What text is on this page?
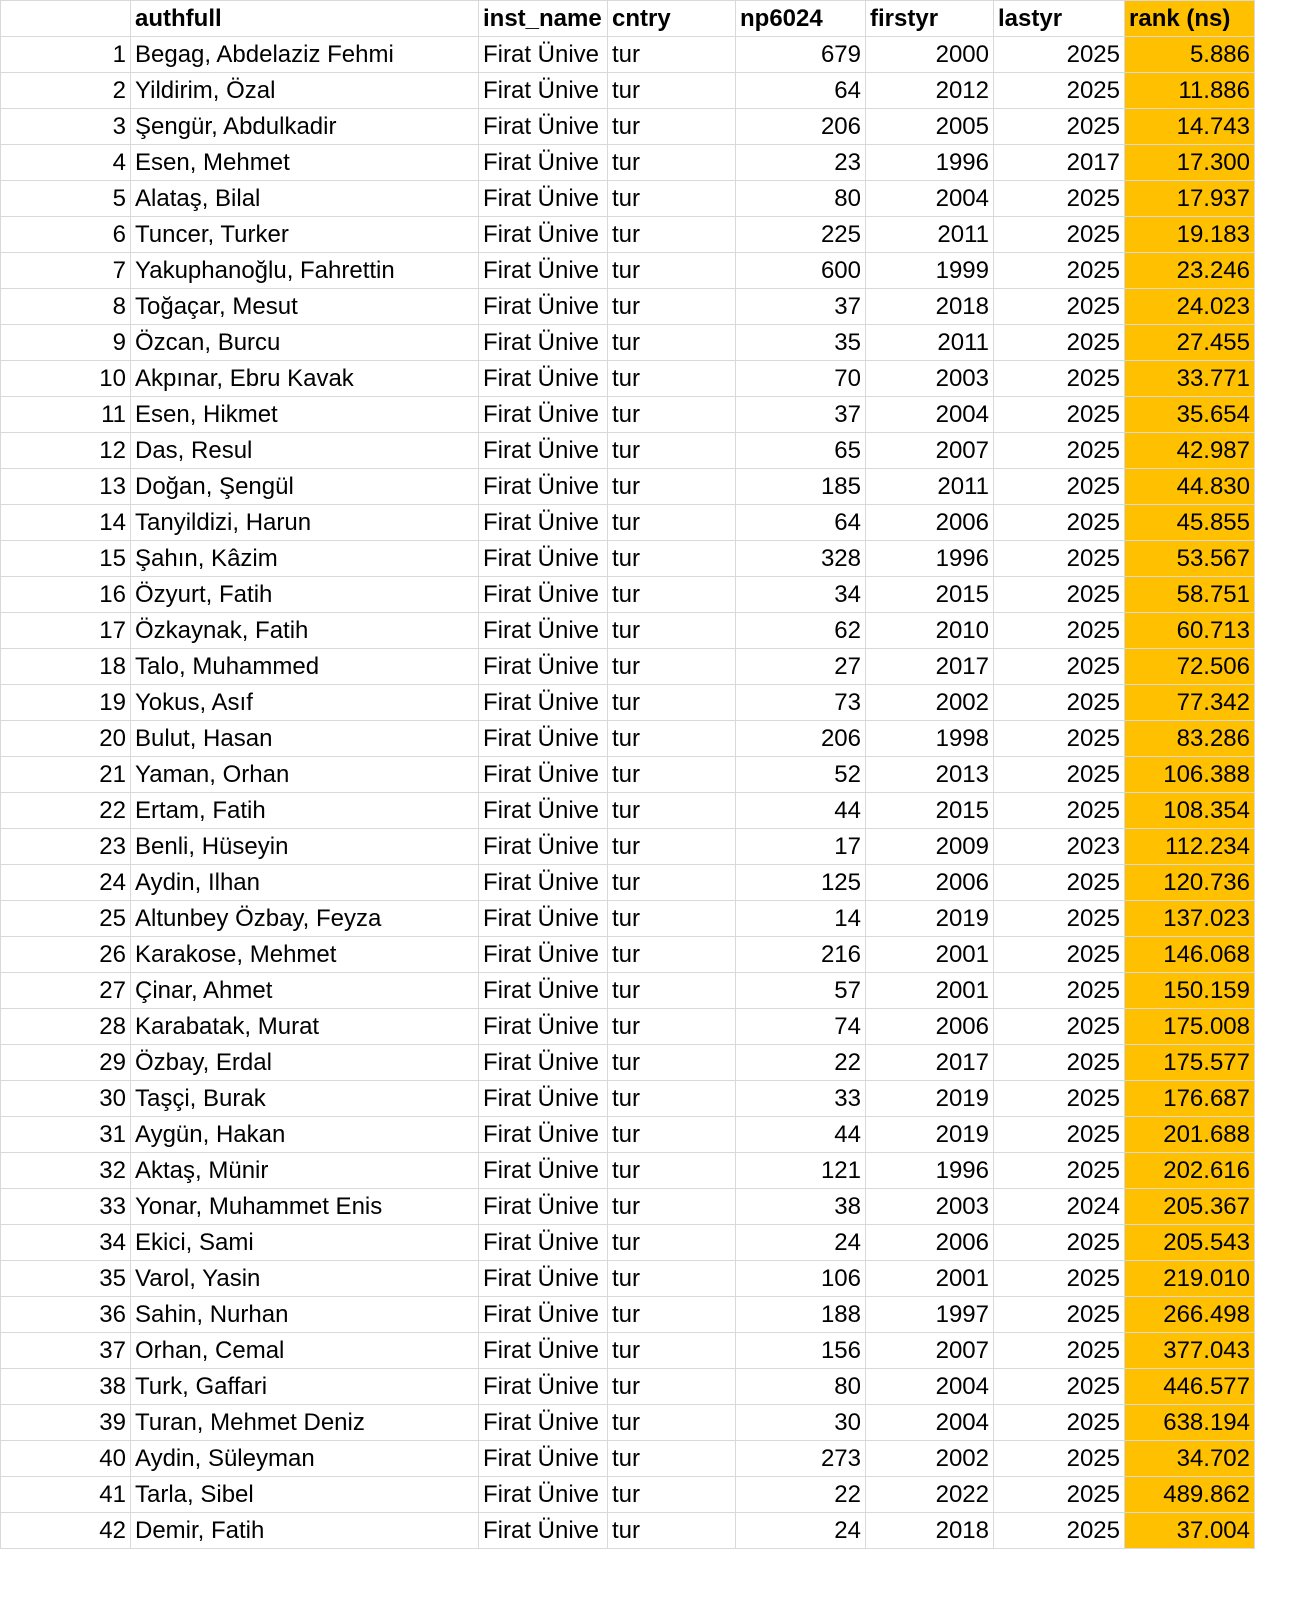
	authfull	inst_name	cntry	np6024	firstyr	lastyr	rank (ns)
1	Begag, Abdelaziz Fehmi	Firat Ünive	tur	679	2000	2025	5.886
2	Yildirim, Özal	Firat Ünive	tur	64	2012	2025	11.886
3	Şengür, Abdulkadir	Firat Ünive	tur	206	2005	2025	14.743
4	Esen, Mehmet	Firat Ünive	tur	23	1996	2017	17.300
5	Alataş, Bilal	Firat Ünive	tur	80	2004	2025	17.937
6	Tuncer, Turker	Firat Ünive	tur	225	2011	2025	19.183
7	Yakuphanoğlu, Fahrettin	Firat Ünive	tur	600	1999	2025	23.246
8	Toğaçar, Mesut	Firat Ünive	tur	37	2018	2025	24.023
9	Özcan, Burcu	Firat Ünive	tur	35	2011	2025	27.455
10	Akpınar, Ebru Kavak	Firat Ünive	tur	70	2003	2025	33.771
11	Esen, Hikmet	Firat Ünive	tur	37	2004	2025	35.654
12	Das, Resul	Firat Ünive	tur	65	2007	2025	42.987
13	Doğan, Şengül	Firat Ünive	tur	185	2011	2025	44.830
14	Tanyildizi, Harun	Firat Ünive	tur	64	2006	2025	45.855
15	Şahın, Kâzim	Firat Ünive	tur	328	1996	2025	53.567
16	Özyurt, Fatih	Firat Ünive	tur	34	2015	2025	58.751
17	Özkaynak, Fatih	Firat Ünive	tur	62	2010	2025	60.713
18	Talo, Muhammed	Firat Ünive	tur	27	2017	2025	72.506
19	Yokus, Asıf	Firat Ünive	tur	73	2002	2025	77.342
20	Bulut, Hasan	Firat Ünive	tur	206	1998	2025	83.286
21	Yaman, Orhan	Firat Ünive	tur	52	2013	2025	106.388
22	Ertam, Fatih	Firat Ünive	tur	44	2015	2025	108.354
23	Benli, Hüseyin	Firat Ünive	tur	17	2009	2023	112.234
24	Aydin, Ilhan	Firat Ünive	tur	125	2006	2025	120.736
25	Altunbey Özbay, Feyza	Firat Ünive	tur	14	2019	2025	137.023
26	Karakose, Mehmet	Firat Ünive	tur	216	2001	2025	146.068
27	Çinar, Ahmet	Firat Ünive	tur	57	2001	2025	150.159
28	Karabatak, Murat	Firat Ünive	tur	74	2006	2025	175.008
29	Özbay, Erdal	Firat Ünive	tur	22	2017	2025	175.577
30	Taşçi, Burak	Firat Ünive	tur	33	2019	2025	176.687
31	Aygün, Hakan	Firat Ünive	tur	44	2019	2025	201.688
32	Aktaş, Münir	Firat Ünive	tur	121	1996	2025	202.616
33	Yonar, Muhammet Enis	Firat Ünive	tur	38	2003	2024	205.367
34	Ekici, Sami	Firat Ünive	tur	24	2006	2025	205.543
35	Varol, Yasin	Firat Ünive	tur	106	2001	2025	219.010
36	Sahin, Nurhan	Firat Ünive	tur	188	1997	2025	266.498
37	Orhan, Cemal	Firat Ünive	tur	156	2007	2025	377.043
38	Turk, Gaffari	Firat Ünive	tur	80	2004	2025	446.577
39	Turan, Mehmet Deniz	Firat Ünive	tur	30	2004	2025	638.194
40	Aydin, Süleyman	Firat Ünive	tur	273	2002	2025	34.702
41	Tarla, Sibel	Firat Ünive	tur	22	2022	2025	489.862
42	Demir, Fatih	Firat Ünive	tur	24	2018	2025	37.004
